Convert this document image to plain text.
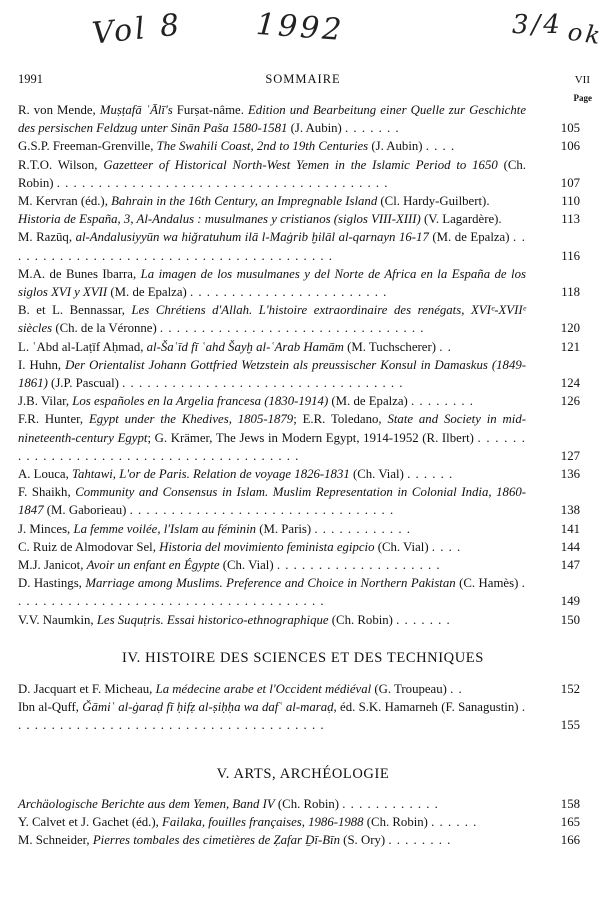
Vol 8 1992	3/4 ok
1991	SOMMAIRE	VII
Page
R. von Mende, Muṣṭafā ʿĀlī's Furṣat-nâme. Edition und Bearbeitung einer Quelle zur Geschichte des persischen Feldzug unter Sinān Paša 1580-1581 (J. Aubin) . . . . . . .	105
G.S.P. Freeman-Grenville, The Swahili Coast, 2nd to 19th Centuries (J. Aubin) . . . .	106
R.T.O. Wilson, Gazetteer of Historical North-West Yemen in the Islamic Period to 1650 (Ch. Robin) . . . . . . . . . . . . . . . . . . . . . . . . . . . . . . . . . . . . . . . .	107
M. Kervran (éd.), Bahrain in the 16th Century, an Impregnable Island (Cl. Hardy-Guilbert).	110
Historia de España, 3, Al-Andalus : musulmanes y cristianos (siglos VIII-XIII) (V. Lagardère).	113
M. Razūq, al-Andalusiyyūn wa hiǧratuhum ilā l-Maġrib ḫilāl al-qarnayn 16-17 (M. de Epalza) . . . . . . . . . . . . . . . . . . . . . . . . . . . . . . . . . . . . . . . .	116
M.A. de Bunes Ibarra, La imagen de los musulmanes y del Norte de Africa en la España de los siglos XVI y XVII (M. de Epalza) . . . . . . . . . . . . . . . . . . . . . . . .	118
B. et L. Bennassar, Les Chrétiens d'Allah. L'histoire extraordinaire des renégats, XVIᵉ-XVIIᵉ siècles (Ch. de la Véronne) . . . . . . . . . . . . . . . . . . . . . . . . . . . . . . . .	120
L. ʿAbd al-Laṭīf Aḥmad, al-Šaʿīd fī ʿahd Šayḫ al-ʿArab Hamām (M. Tuchscherer) . .	121
I. Huhn, Der Orientalist Johann Gottfried Wetzstein als preussischer Konsul in Damaskus (1849-1861) (J.P. Pascual) . . . . . . . . . . . . . . . . . . . . . . . . . . . . . . . . . .	124
J.B. Vilar, Los españoles en la Argelia francesa (1830-1914) (M. de Epalza) . . . . . . . .	126
F.R. Hunter, Egypt under the Khedives, 1805-1879; E.R. Toledano, State and Society in mid-nineteenth-century Egypt; G. Krämer, The Jews in Modern Egypt, 1914-1952 (R. Ilbert) . . . . . . . . . . . . . . . . . . . . . . . . . . . . . . . . . . . . . . . .	127
A. Louca, Tahtawi, L'or de Paris. Relation de voyage 1826-1831 (Ch. Vial) . . . . . .	136
F. Shaikh, Community and Consensus in Islam. Muslim Representation in Colonial India, 1860-1847 (M. Gaborieau) . . . . . . . . . . . . . . . . . . . . . . . . . . . . . . . .	138
J. Minces, La femme voilée, l'Islam au féminin (M. Paris) . . . . . . . . . . . .	141
C. Ruiz de Almodovar Sel, Historia del movimiento feminista egipcio (Ch. Vial) . . . .	144
M.J. Janicot, Avoir un enfant en Égypte (Ch. Vial) . . . . . . . . . . . . . . . . . . . .	147
D. Hastings, Marriage among Muslims. Preference and Choice in Northern Pakistan (C. Hamès) . . . . . . . . . . . . . . . . . . . . . . . . . . . . . . . . . . . . . .	149
V.V. Naumkin, Les Suquṭris. Essai historico-ethnographique (Ch. Robin) . . . . . . .	150
IV. HISTOIRE DES SCIENCES ET DES TECHNIQUES
D. Jacquart et F. Micheau, La médecine arabe et l'Occident médiéval (G. Troupeau) . .	152
Ibn al-Quff, Ǧāmiʿ al-ġaraḍ fī ḥifẓ al-ṣiḥḥa wa dafʿ al-maraḍ, éd. S.K. Hamarneh (F. Sanagustin) . . . . . . . . . . . . . . . . . . . . . . . . . . . . . . . . . . . . . .	155
V. ARTS, ARCHÉOLOGIE
Archäologische Berichte aus dem Yemen, Band IV (Ch. Robin) . . . . . . . . . . . .	158
Y. Calvet et J. Gachet (éd.), Failaka, fouilles françaises, 1986-1988 (Ch. Robin) . . . . . .	165
M. Schneider, Pierres tombales des cimetières de Ẓafar Ḏī-Bīn (S. Ory) . . . . . . . .	166
